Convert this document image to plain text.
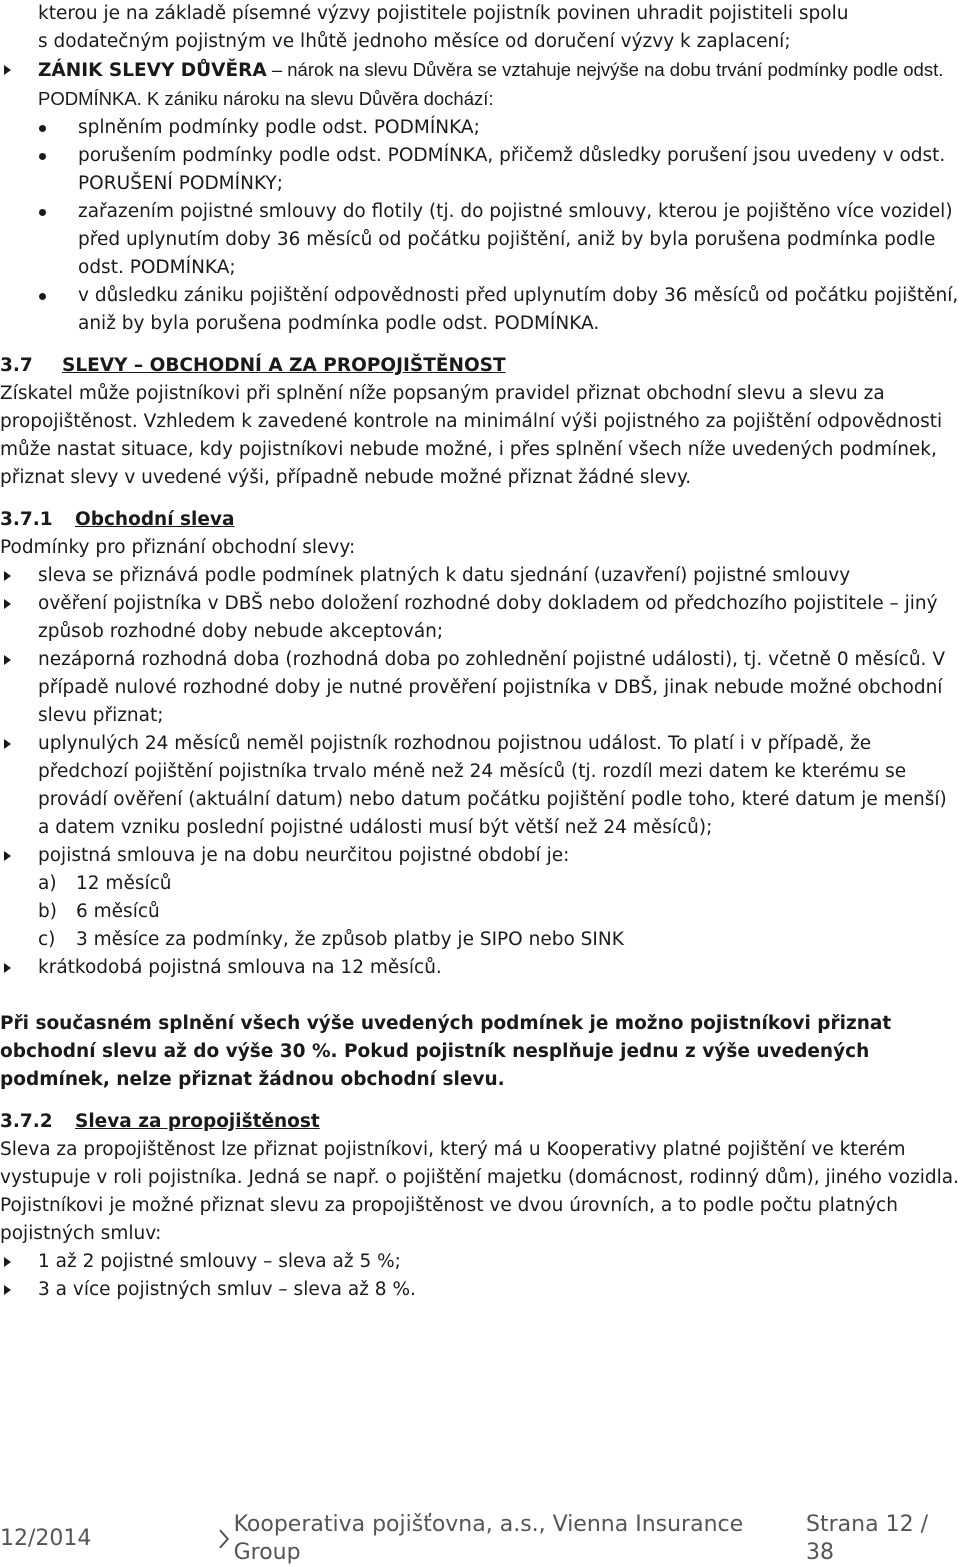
kterou je na základě písemné výzvy pojistitele pojistník povinen uhradit pojistiteli spolu

s dodatečným pojistným ve lhůtě jednoho měsíce od doručení výzvy k zaplacení;

ZÁNIK SLEVY DŮVĚRA – nárok na slevu Důvěra se vztahuje nejvýše na dobu trvání podmínky podle odst. PODMÍNKA. K zániku nároku na slevu Důvěra dochází:
splněním podmínky podle odst. PODMÍNKA;
porušením podmínky podle odst. PODMÍNKA, přičemž důsledky porušení jsou uvedeny v odst. PORUŠENÍ PODMÍNKY;
zařazením pojistné smlouvy do flotily (tj. do pojistné smlouvy, kterou je pojištěno více vozidel) před uplynutím doby 36 měsíců od počátku pojištění, aniž by byla porušena podmínka podle odst. PODMÍNKA;
v důsledku zániku pojištění odpovědnosti před uplynutím doby 36 měsíců od počátku pojištění, aniž by byla porušena podmínka podle odst. PODMÍNKA.
3.7	SLEVY – OBCHODNÍ A ZA PROPOJIŠTĚNOST

Získatel může pojistníkovi při splnění níže popsaným pravidel přiznat obchodní slevu a slevu za propojištěnost. Vzhledem k zavedené kontrole na minimální výši pojistného za pojištění odpovědnosti může nastat situace, kdy pojistníkovi nebude možné, i přes splnění všech níže uvedených podmínek, přiznat slevy v uvedené výši, případně nebude možné přiznat žádné slevy.

3.7.1	Obchodní sleva

Podmínky pro přiznání obchodní slevy:

sleva se přiznává podle podmínek platných k datu sjednání (uzavření) pojistné smlouvy
ověření pojistníka v DBŠ nebo doložení rozhodné doby dokladem od předchozího pojistitele – jiný způsob rozhodné doby nebude akceptován;
nezáporná rozhodná doba (rozhodná doba po zohlednění pojistné události), tj. včetně 0 měsíců. V případě nulové rozhodné doby je nutné prověření pojistníka v DBŠ, jinak nebude možné obchodní slevu přiznat;
uplynulých 24 měsíců neměl pojistník rozhodnou pojistnou událost. To platí i v případě, že předchozí pojištění pojistníka trvalo méně než 24 měsíců (tj. rozdíl mezi datem ke kterému se provádí ověření (aktuální datum) nebo datum počátku pojištění podle toho, které datum je menší) a datem vzniku poslední pojistné události musí být větší než 24 měsíců);
pojistná smlouva je na dobu neurčitou pojistné období je:
a) 12 měsíců
b) 6 měsíců
c) 3 měsíce za podmínky, že způsob platby je SIPO nebo SINK
krátkodobá pojistná smlouva na 12 měsíců.

Při současném splnění všech výše uvedených podmínek je možno pojistníkovi přiznat obchodní slevu až do výše 30 %. Pokud pojistník nesplňuje jednu z výše uvedených podmínek, nelze přiznat žádnou obchodní slevu.

3.7.2	Sleva za propojištěnost

Sleva za propojištěnost lze přiznat pojistníkovi, který má u Kooperativy platné pojištění ve kterém vystupuje v roli pojistníka. Jedná se např. o pojištění majetku (domácnost, rodinný dům), jiného vozidla.

Pojistníkovi je možné přiznat slevu za propojištěnost ve dvou úrovních, a to podle počtu platných pojistných smluv:

1 až 2 pojistné smlouvy – sleva až 5 %;
3 a více pojistných smluv – sleva až 8 %.
12/2014
Kooperativa pojišťovna, a.s., Vienna Insurance Group
Strana 12 / 38
